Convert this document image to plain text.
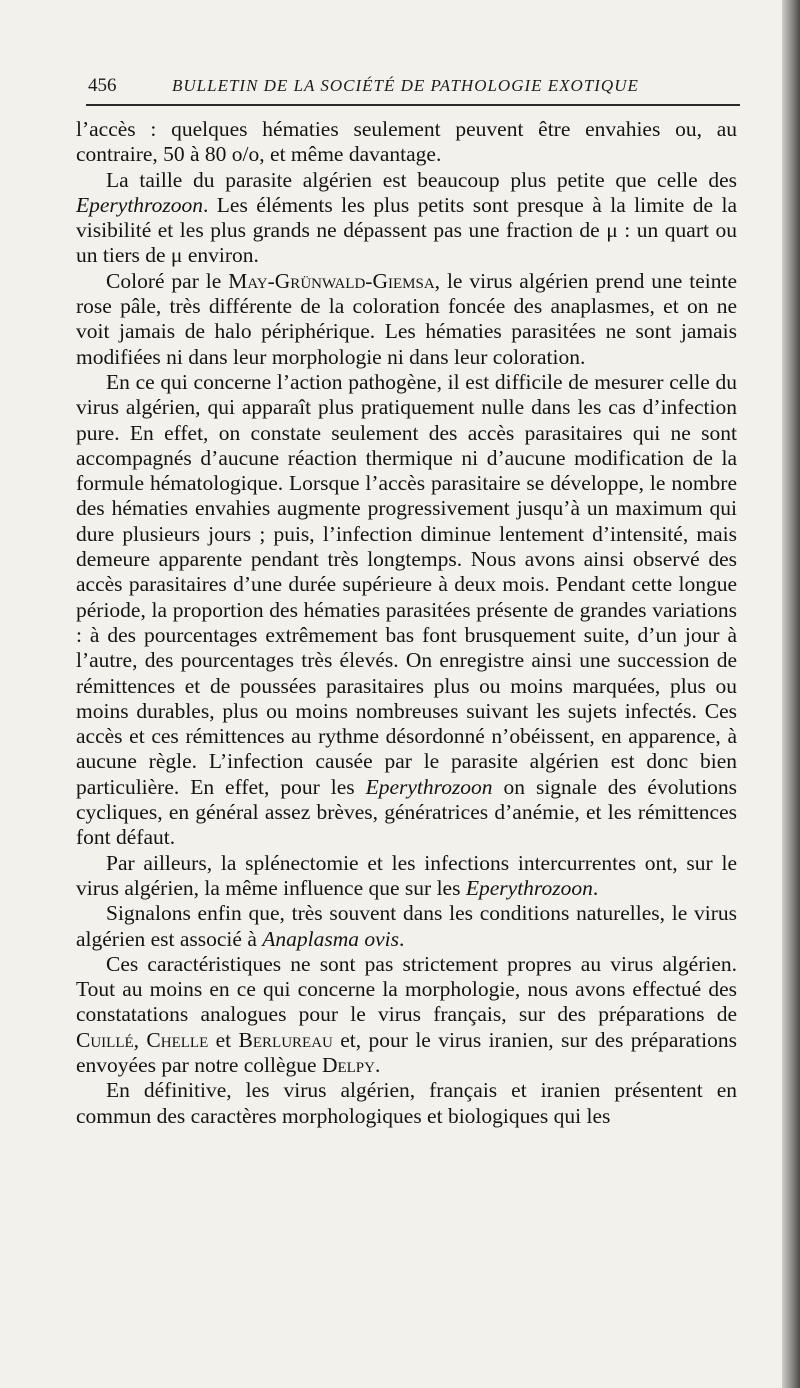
456	BULLETIN DE LA SOCIÉTÉ DE PATHOLOGIE EXOTIQUE

l’accès : quelques hématies seulement peuvent être envahies ou, au contraire, 50 à 80 o/o, et même davantage.

La taille du parasite algérien est beaucoup plus petite que celle des Eperythrozoon. Les éléments les plus petits sont presque à la limite de la visibilité et les plus grands ne dépassent pas une fraction de μ : un quart ou un tiers de μ environ.

Coloré par le May-Grünwald-Giemsa, le virus algérien prend une teinte rose pâle, très différente de la coloration foncée des anaplasmes, et on ne voit jamais de halo périphérique. Les hématies parasitées ne sont jamais modifiées ni dans leur morphologie ni dans leur coloration.

En ce qui concerne l’action pathogène, il est difficile de mesurer celle du virus algérien, qui apparaît plus pratiquement nulle dans les cas d’infection pure. En effet, on constate seulement des accès parasitaires qui ne sont accompagnés d’aucune réaction thermique ni d’aucune modification de la formule hématologique. Lorsque l’accès parasitaire se développe, le nombre des hématies envahies augmente progressivement jusqu’à un maximum qui dure plusieurs jours ; puis, l’infection diminue lentement d’intensité, mais demeure apparente pendant très longtemps. Nous avons ainsi observé des accès parasitaires d’une durée supérieure à deux mois. Pendant cette longue période, la proportion des hématies parasitées présente de grandes variations : à des pourcentages extrêmement bas font brusquement suite, d’un jour à l’autre, des pourcentages très élevés. On enregistre ainsi une succession de rémittences et de poussées parasitaires plus ou moins marquées, plus ou moins durables, plus ou moins nombreuses suivant les sujets infectés. Ces accès et ces rémittences au rythme désordonné n’obéissent, en apparence, à aucune règle. L’infection causée par le parasite algérien est donc bien particulière. En effet, pour les Eperythrozoon on signale des évolutions cycliques, en général assez brèves, génératrices d’anémie, et les rémittences font défaut.

Par ailleurs, la splénectomie et les infections intercurrentes ont, sur le virus algérien, la même influence que sur les Eperythrozoon.

Signalons enfin que, très souvent dans les conditions naturelles, le virus algérien est associé à Anaplasma ovis.

Ces caractéristiques ne sont pas strictement propres au virus algérien. Tout au moins en ce qui concerne la morphologie, nous avons effectué des constatations analogues pour le virus français, sur des préparations de Cuillé, Chelle et Berlureau et, pour le virus iranien, sur des préparations envoyées par notre collègue Delpy.

En définitive, les virus algérien, français et iranien présentent en commun des caractères morphologiques et biologiques qui les
